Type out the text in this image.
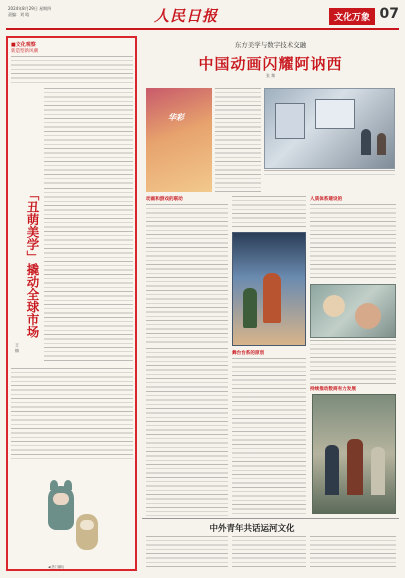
2024年8月29日 星期四
责编：刘 晗	人民日报	文化万象 07
■文化观察
新造型新风潮
「丑萌美学」撬动全球市场
王 楠
◀ 热门潮玩
东方美学与数字技术交融
中国动画闪耀阿讷西
张 黎
华彩
动画和游戏的联动	人质体系建设的
舞台台系的原创
持续推动数商有力发展
中外青年共话运河文化
